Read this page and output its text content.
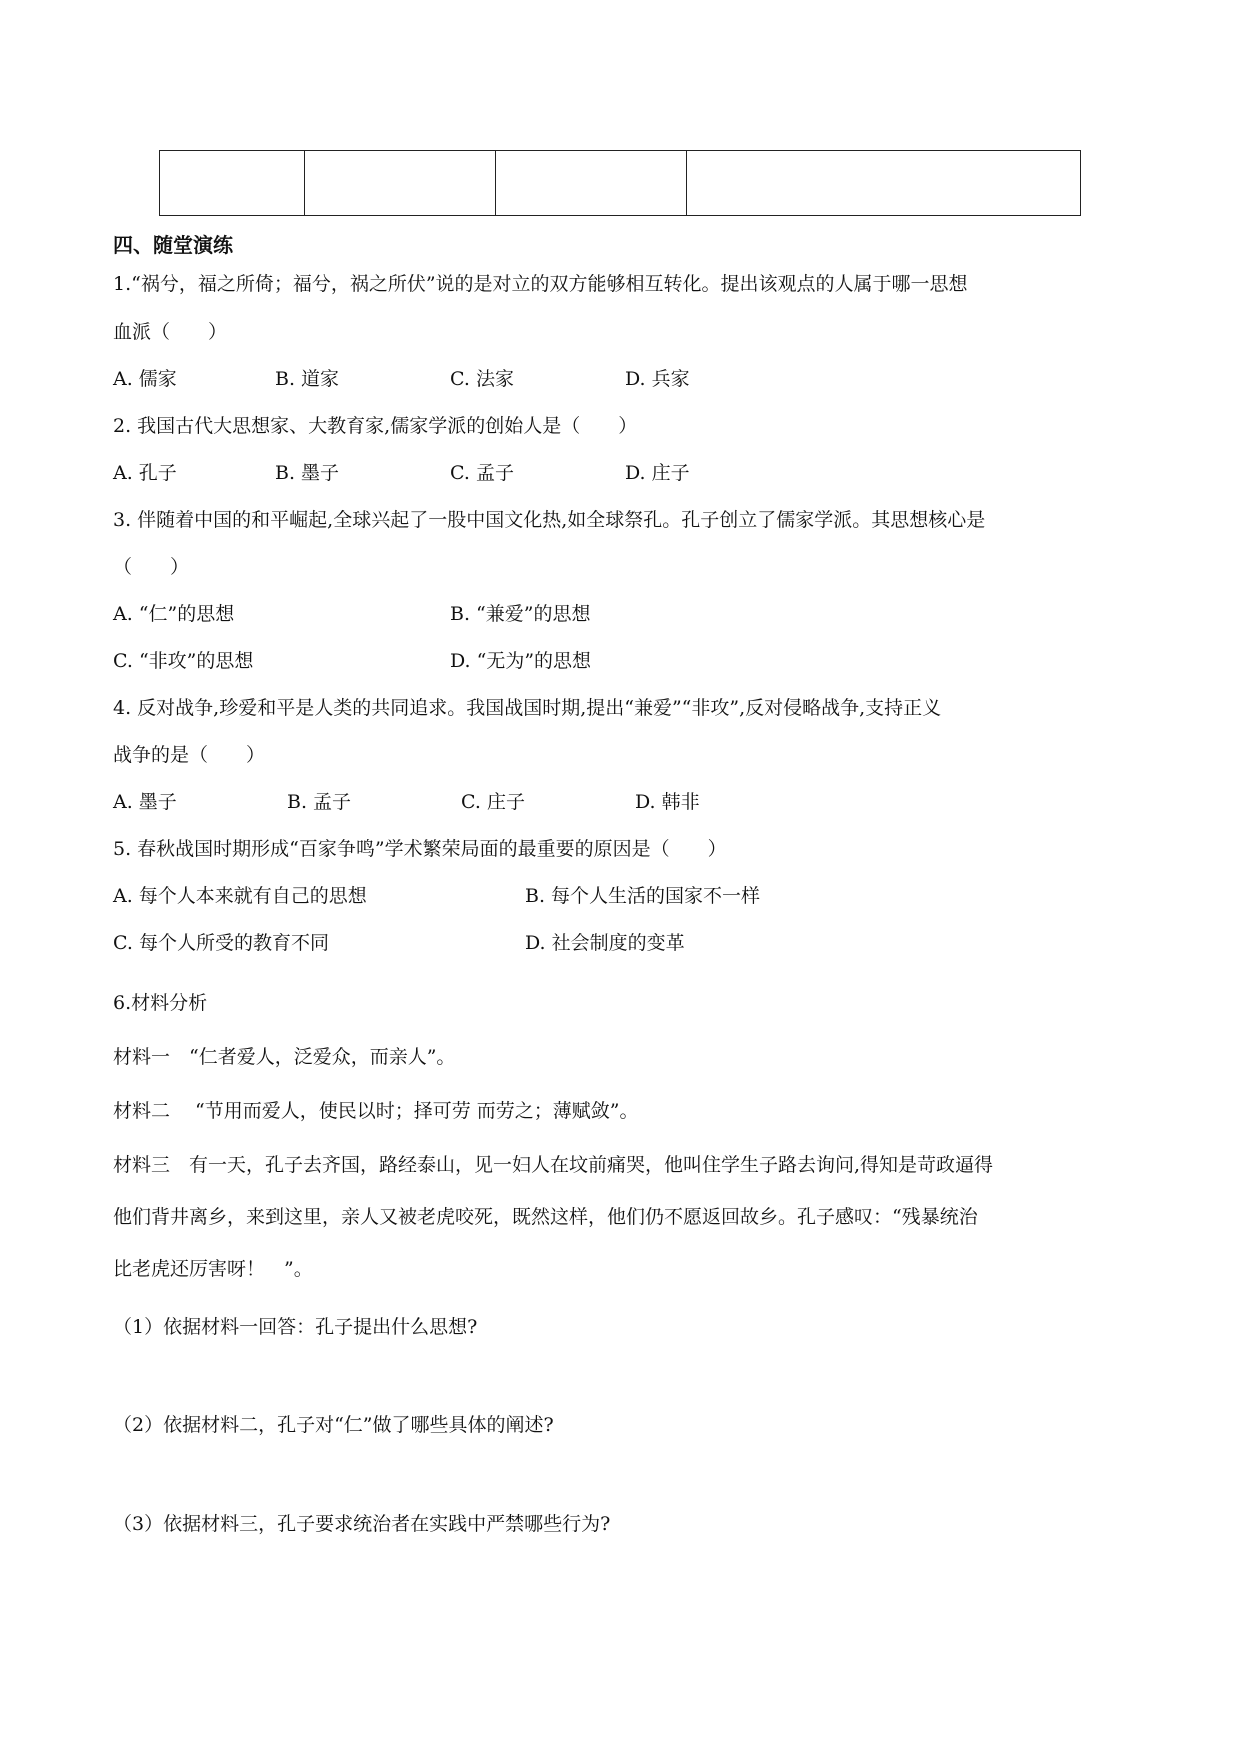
四、随堂演练
1.“祸兮，福之所倚；福兮，祸之所伏”说的是对立的双方能够相互转化。提出该观点的人属于哪一思想
血派（　　）
A. 儒家	B. 道家	C. 法家	D. 兵家
2. 我国古代大思想家、大教育家,儒家学派的创始人是（　　）
A. 孔子	B. 墨子	C. 孟子	D. 庄子
3. 伴随着中国的和平崛起,全球兴起了一股中国文化热,如全球祭孔。孔子创立了儒家学派。其思想核心是
（　　）
A. “仁”的思想	B. “兼爱”的思想
C. “非攻”的思想	D. “无为”的思想
4. 反对战争,珍爱和平是人类的共同追求。我国战国时期,提出“兼爱”“非攻”,反对侵略战争,支持正义
战争的是（　　）
A. 墨子	B. 孟子	C. 庄子	D. 韩非
5. 春秋战国时期形成“百家争鸣”学术繁荣局面的最重要的原因是（　　）
A. 每个人本来就有自己的思想	B. 每个人生活的国家不一样
C. 每个人所受的教育不同	D. 社会制度的变革
6.材料分析
材料一　“仁者爱人，泛爱众，而亲人”。
材料二　 “节用而爱人，使民以时；择可劳 而劳之；薄赋敛”。
材料三　有一天，孔子去齐国，路经泰山，见一妇人在坟前痛哭，他叫住学生子路去询问,得知是苛政逼得
他们背井离乡，来到这里，亲人又被老虎咬死，既然这样，他们仍不愿返回故乡。孔子感叹：“残暴统治
比老虎还厉害呀！　”。
（1）依据材料一回答：孔子提出什么思想?
（2）依据材料二，孔子对“仁”做了哪些具体的阐述?
（3）依据材料三，孔子要求统治者在实践中严禁哪些行为?
